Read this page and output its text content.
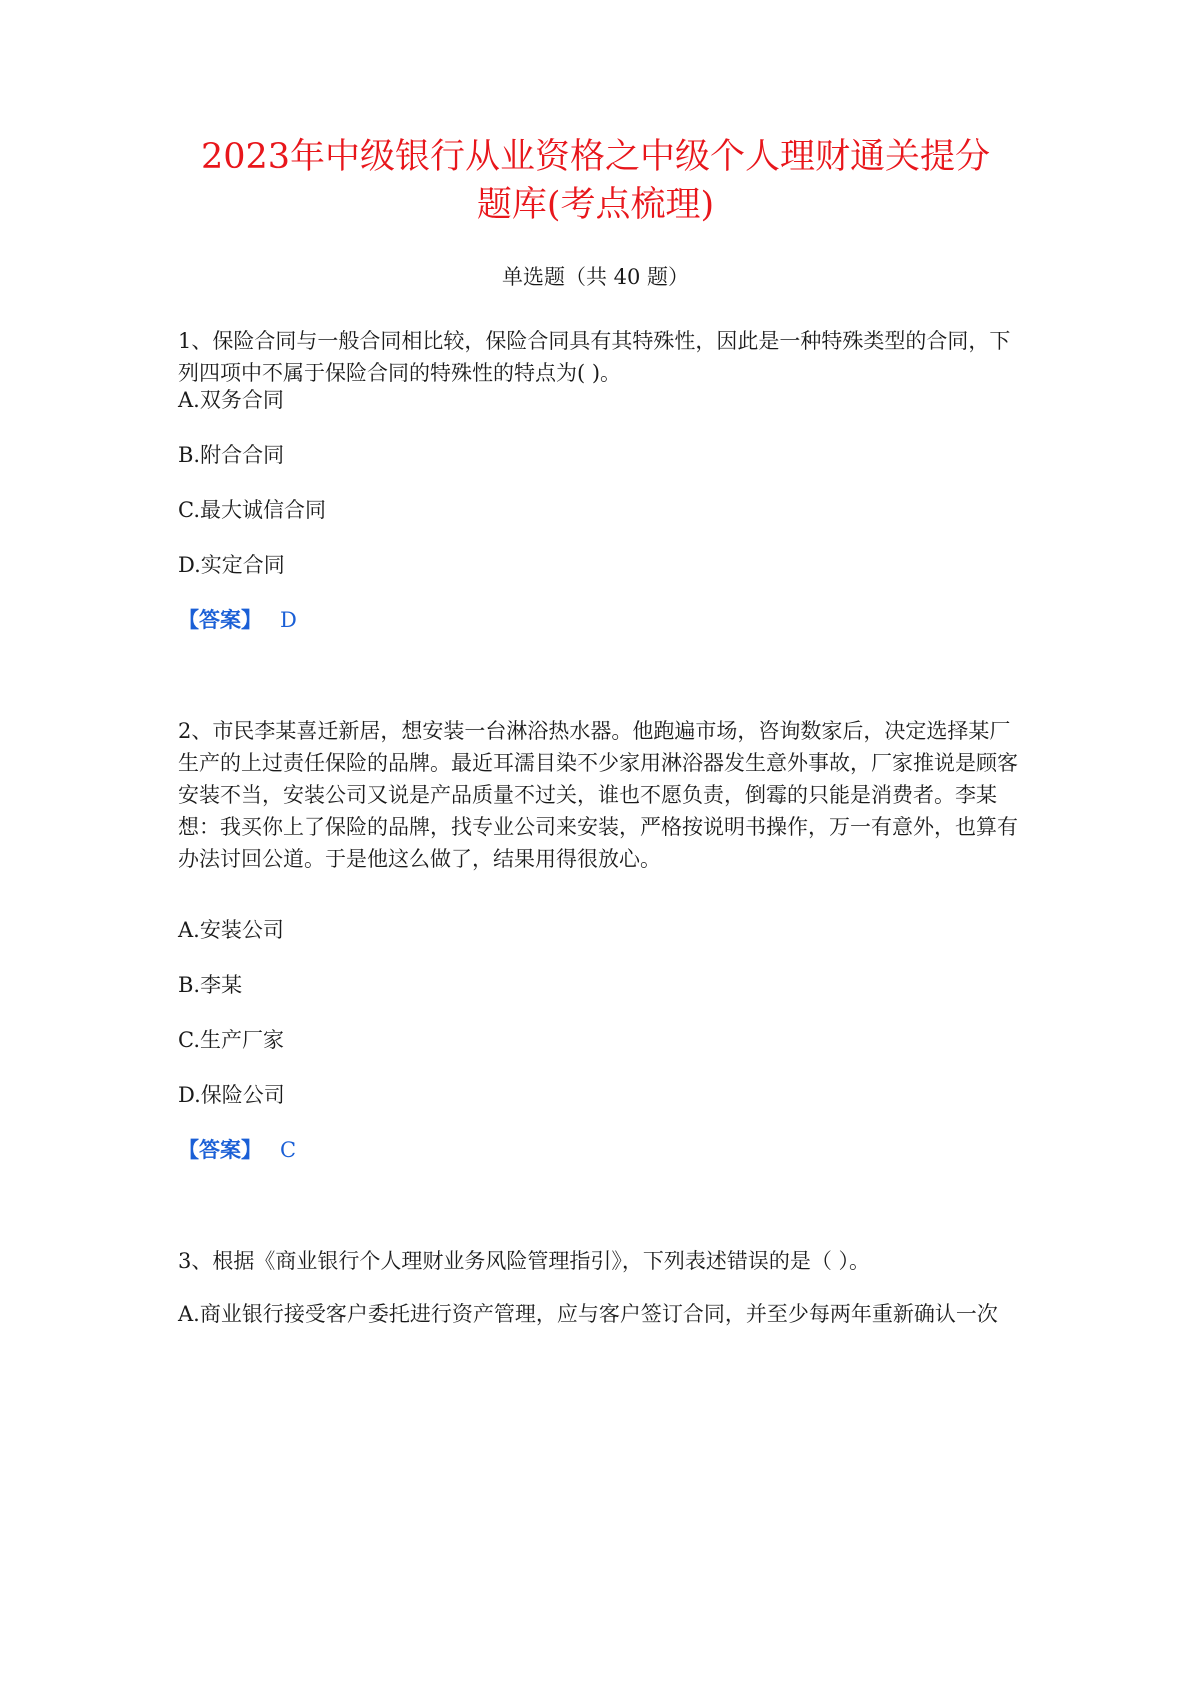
2023年中级银行从业资格之中级个人理财通关提分
题库(考点梳理)
单选题（共 40 题）

1、保险合同与一般合同相比较，保险合同具有其特殊性，因此是一种特殊类型的合同，下列四项中不属于保险合同的特殊性的特点为( )。

A.双务合同

B.附合合同

C.最大诚信合同

D.实定合同

【答案】 D

2、市民李某喜迁新居，想安装一台淋浴热水器。他跑遍市场，咨询数家后，决定选择某厂生产的上过责任保险的品牌。最近耳濡目染不少家用淋浴器发生意外事故，厂家推说是顾客安装不当，安装公司又说是产品质量不过关，谁也不愿负责，倒霉的只能是消费者。李某想：我买你上了保险的品牌，找专业公司来安装，严格按说明书操作，万一有意外，也算有办法讨回公道。于是他这么做了，结果用得很放心。

A.安装公司

B.李某

C.生产厂家

D.保险公司

【答案】 C

3、根据《商业银行个人理财业务风险管理指引》，下列表述错误的是（ ）。

A.商业银行接受客户委托进行资产管理，应与客户签订合同，并至少每两年重新确认一次
